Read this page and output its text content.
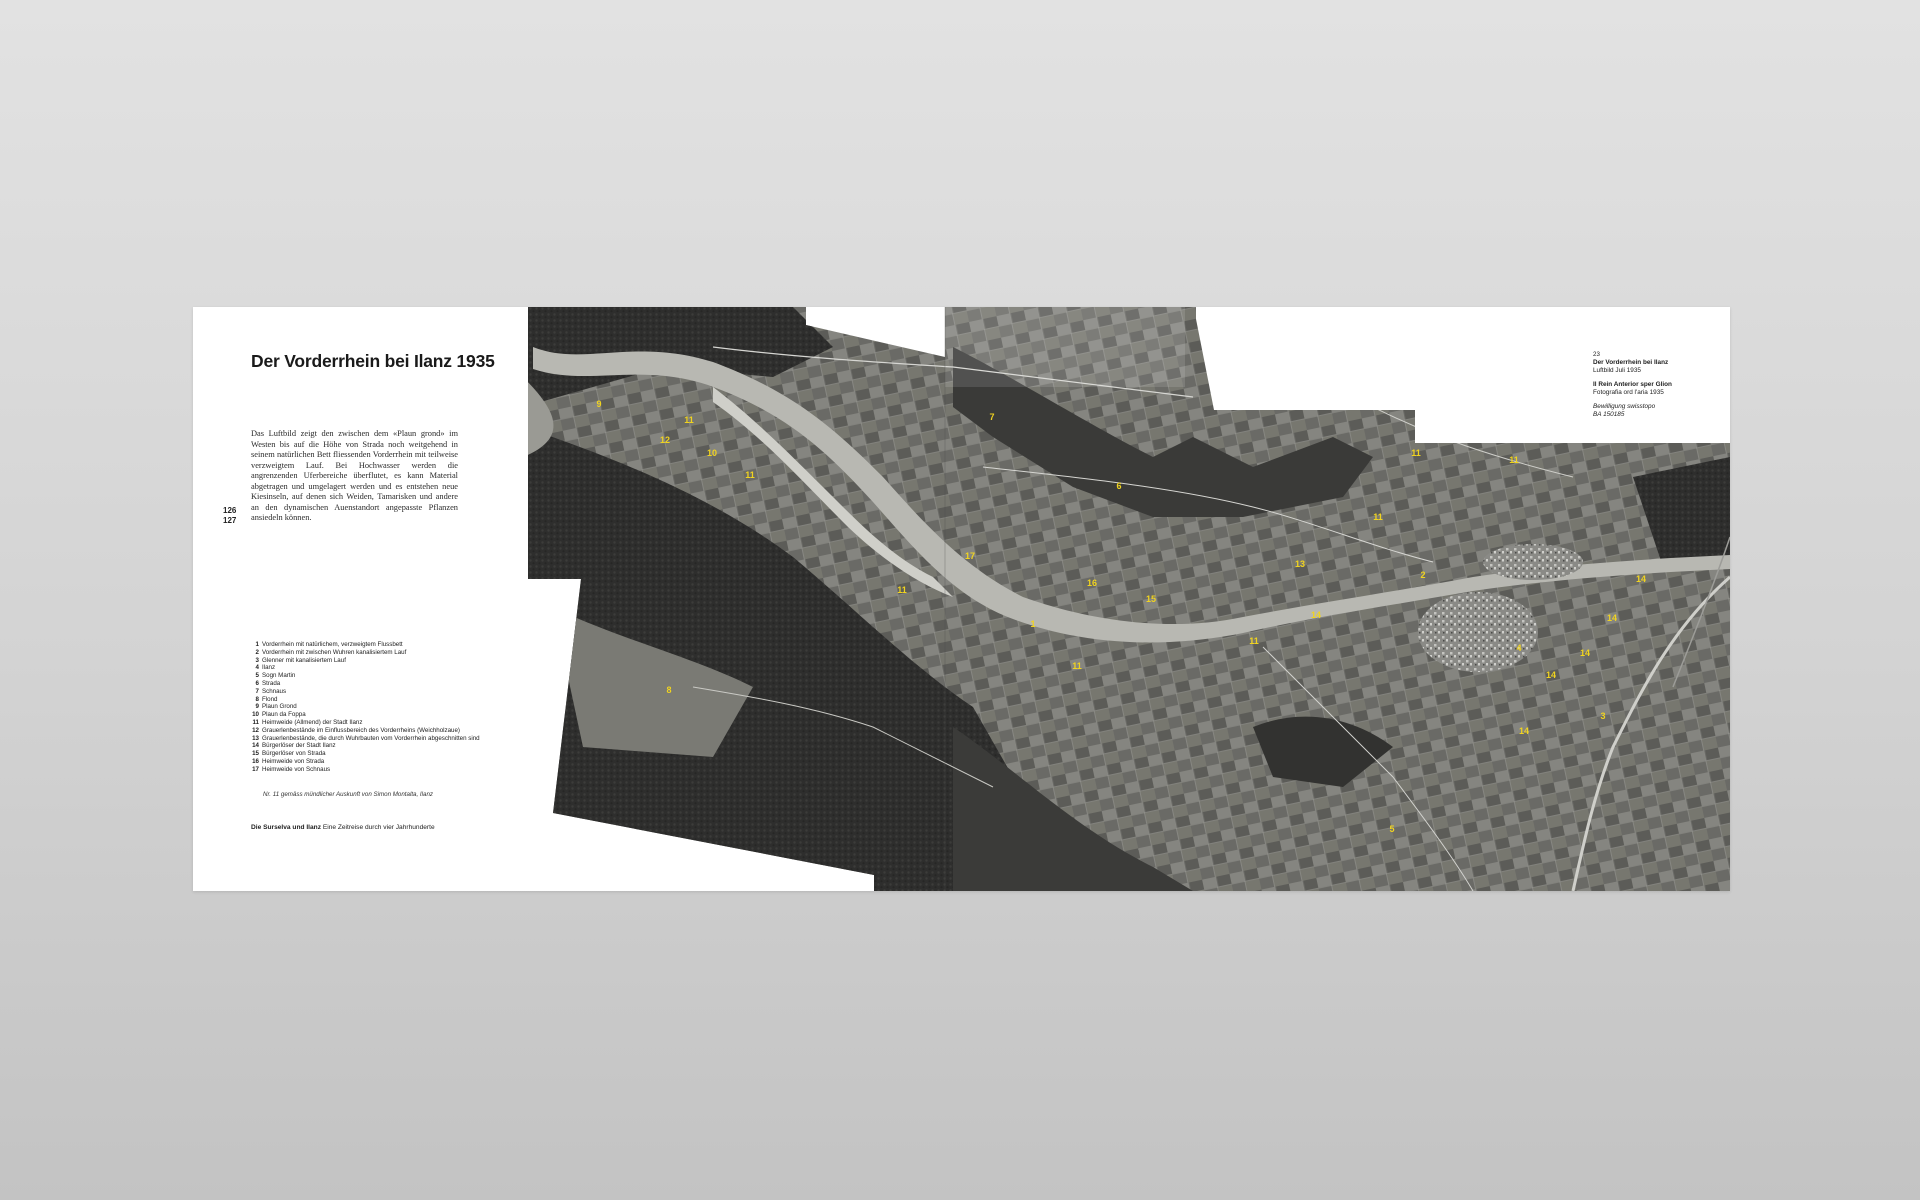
9
12
11
10
11
11
17
1
11
8
7
6
16
15
13
11
14
11
2
11
11
14
14
4	14
14
14
3
5
Der Vorderrhein bei Ilanz 1935

Das Luftbild zeigt den zwischen dem «Plaun grond» im Westen bis auf die Höhe von Strada noch weitgehend in seinem natürlichen Bett fliessenden Vorderrhein mit teilweise verzweigtem Lauf. Bei Hochwasser werden die angrenzenden Uferbereiche überflutet, es kann Material abgetragen und umgelagert werden und es entstehen neue Kiesinseln, auf denen sich Weiden, Tamarisken und andere an den dynamischen Auenstandort angepasste Pflanzen ansiedeln können.

126
127
1 Vorderrhein mit natürlichem, verzweigtem Flussbett
2 Vorderrhein mit zwischen Wuhren kanalisiertem Lauf
3 Glenner mit kanalisiertem Lauf
4 Ilanz
5 Sogn Martin
6 Strada
7 Schnaus
8 Flond
9 Plaun Grond
10 Plaun da Foppa
11 Heimweide (Allmend) der Stadt Ilanz
12 Grauerlenbestände im Einflussbereich des Vorderrheins (Weichholzaue)
13 Grauerlenbestände, die durch Wuhrbauten vom Vorderrhein abgeschnitten sind
14 Bürgerlöser der Stadt Ilanz
15 Bürgerlöser von Strada
16 Heimweide von Strada
17 Heimweide von Schnaus
Nr. 11 gemäss mündlicher Auskunft von Simon Montalta, Ilanz
Die Surselva und Ilanz Eine Zeitreise durch vier Jahrhunderte
23
Der Vorderrhein bei Ilanz
Luftbild Juli 1935
Il Rein Anterior sper Glion
Fotografia ord l'aria 1935
Bewilligung swisstopo
BA 150185
